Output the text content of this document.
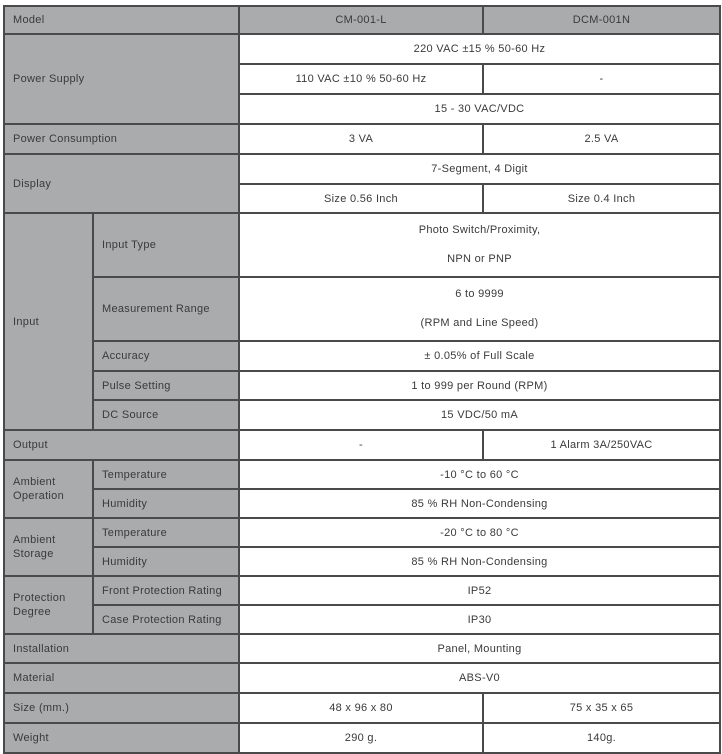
Model		CM-001-L	DCM-001N
Power Supply		220 VAC ±15 % 50-60 Hz	
		110 VAC ±10 % 50-60 Hz	-
		15 - 30 VAC/VDC	
Power Consumption		3 VA	2.5 VA
Display		7-Segment, 4 Digit	
		Size 0.56 Inch	Size 0.4 Inch
Input	Input Type	Photo Switch/Proximity,
NPN or PNP	

	Measurement Range	6 to 9999
(RPM and Line Speed)	

	Accuracy	± 0.05% of Full Scale	
	Pulse Setting	1 to 999 per Round (RPM)	
	DC Source	15 VDC/50 mA	
Output		-	1 Alarm 3A/250VAC
Ambient Operation	Temperature	-10 °C to 60 °C	
	Humidity	85 % RH Non-Condensing	
Ambient Storage	Temperature	-20 °C to 80 °C	
	Humidity	85 % RH Non-Condensing	
Protection Degree	Front Protection Rating	IP52	
	Case Protection Rating	IP30	
Installation		Panel, Mounting	
Material		ABS-V0	
Size (mm.)		48 x 96 x 80	75 x 35 x 65
Weight		290 g.	140g.
